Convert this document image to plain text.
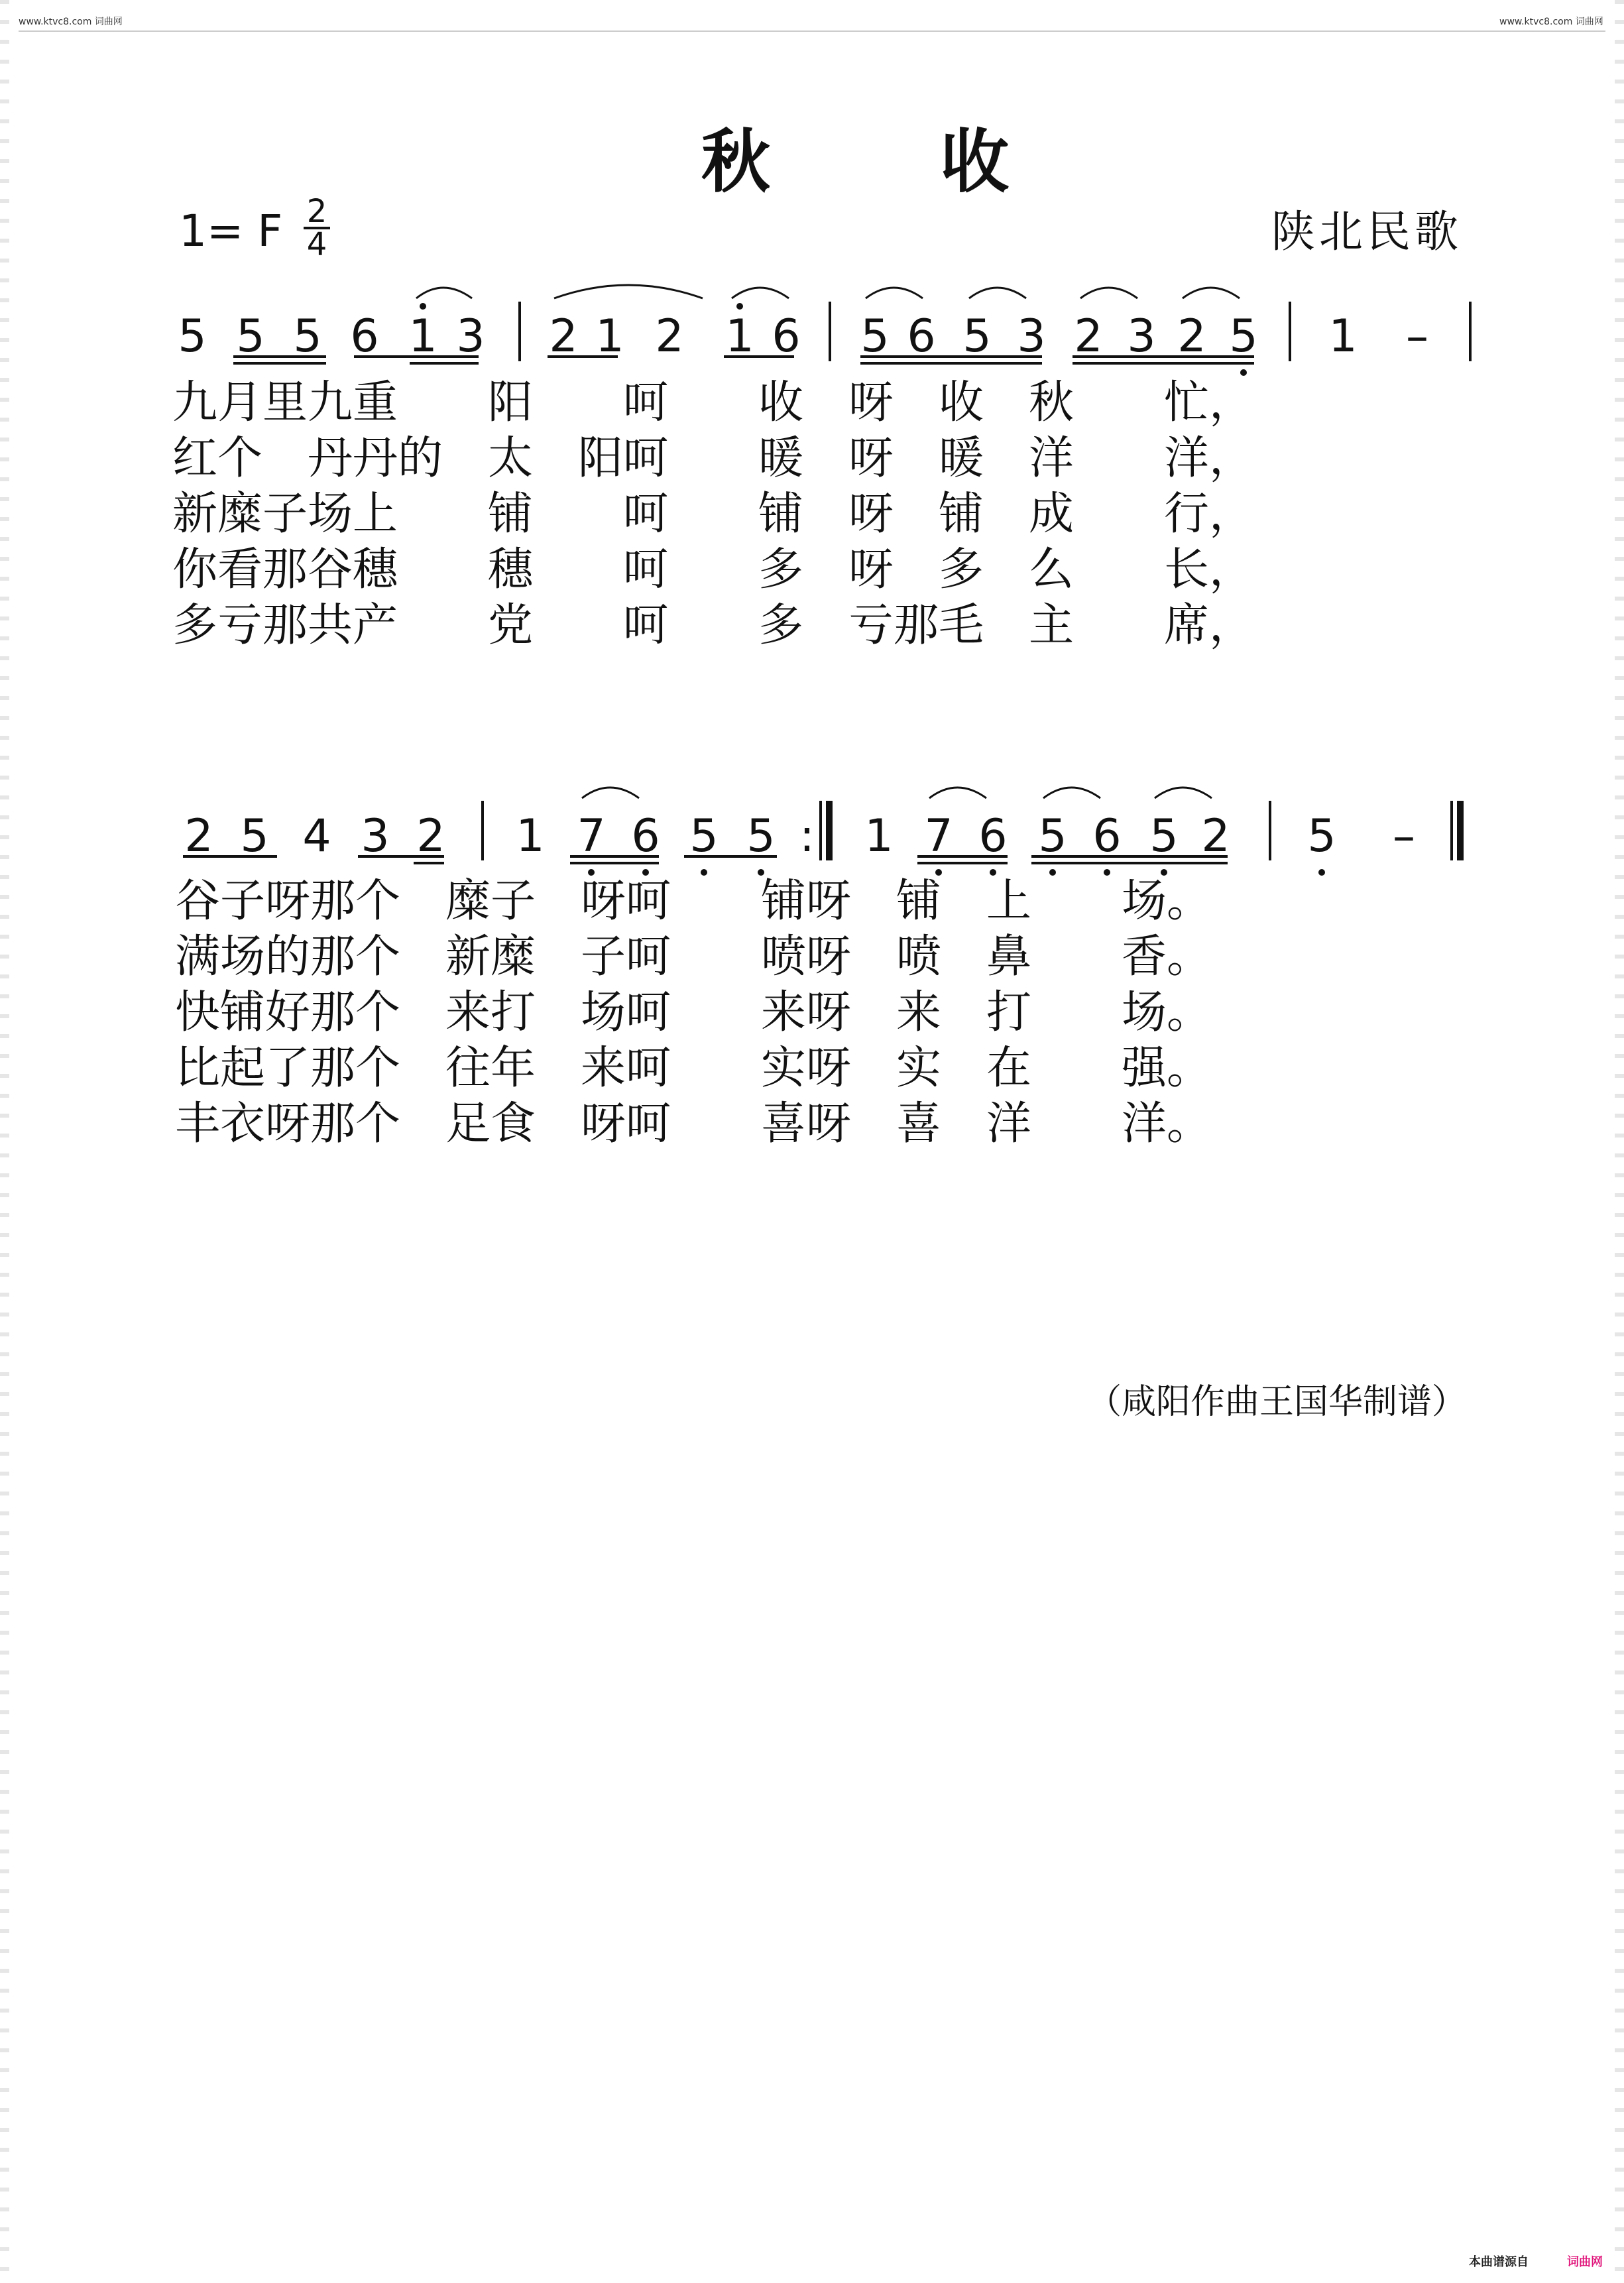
www.ktvc8.com 词曲网	www.ktvc8.com 词曲网
秋 收
1= F 2
4	陕北民歌
5 5 5 6 1 3 2 1 2 1 6 5 6 5 3 2 3 2 5 1 –
九月里九重　　阳　　呵　　收　呀　收　秋　　忙，
红个　丹丹的　太　阳呵　　暖　呀　暖　洋　　洋，
新糜子场上　　铺　　呵　　铺　呀　铺　成　　行，
你看那谷穗　　穗　　呵　　多　呀　多　么　　长，
多亏那共产　　党　　呵　　多　亏那毛　主　　席，
2 5 4 3 2 1 7 6 5 5 : 1 7 6 5 6 5 2 5 –
谷子呀那个　糜子　呀呵　　铺呀　铺　上　　场。
满场的那个　新糜　子呵　　喷呀　喷　鼻　　香。
快铺好那个　来打　场呵　　来呀　来　打　　场。
比起了那个　往年　来呵　　实呀　实　在　　强。
丰衣呀那个　足食　呀呵　　喜呀　喜　洋　　洋。
（咸阳作曲王国华制谱）
本曲谱源自	词曲网
